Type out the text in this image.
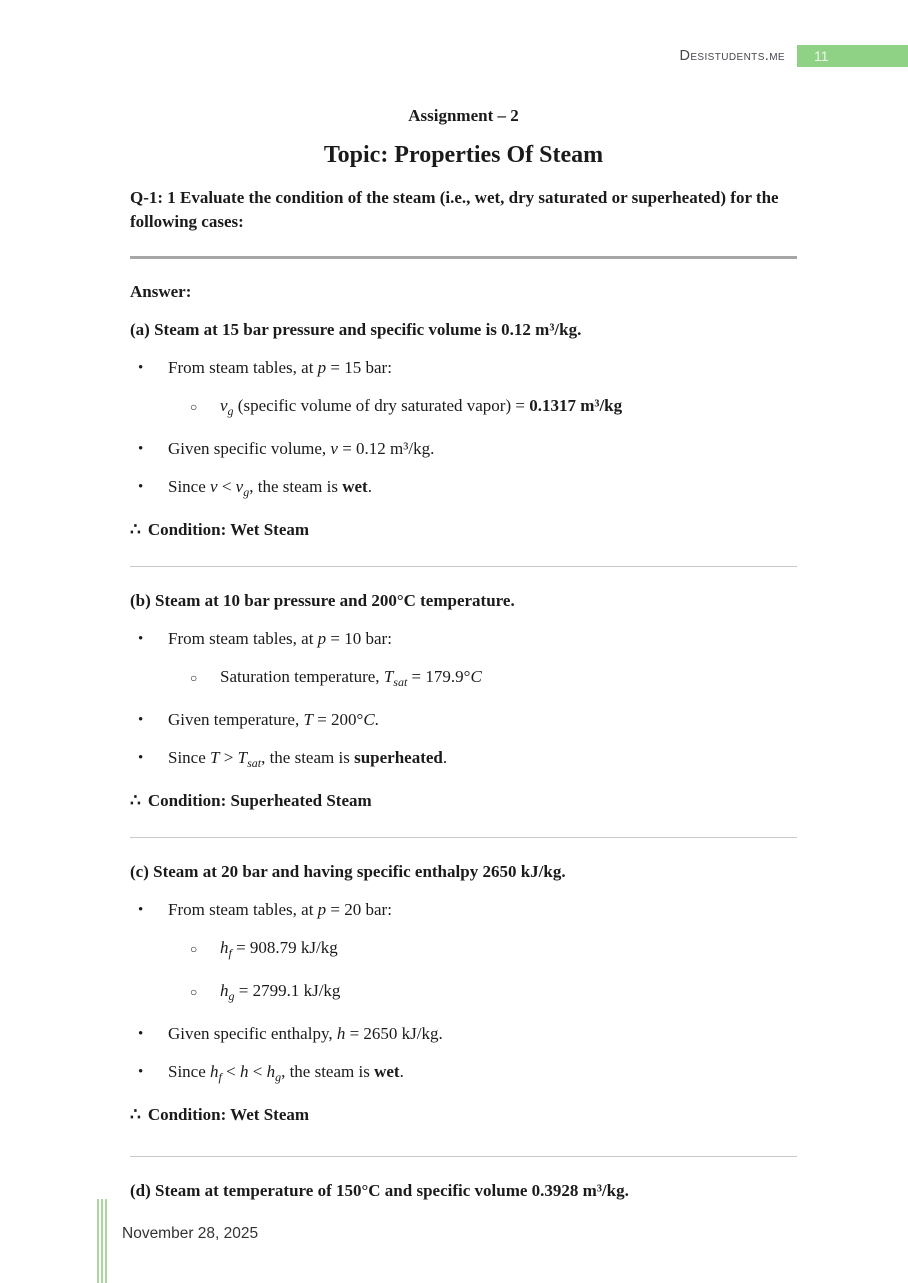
Desistudents.me	11
Assignment – 2
Topic: Properties Of Steam
Q-1: 1 Evaluate the condition of the steam (i.e., wet, dry saturated or superheated) for the following cases:
Answer:
(a) Steam at 15 bar pressure and specific volume is 0.12 m³/kg.
• From steam tables, at p = 15 bar:
○ $v_g$ (specific volume of dry saturated vapor) = 0.1317 m³/kg
• Given specific volume, v = 0.12 m³/kg.
• Since $v < v_g$, the steam is wet.
∴ Condition: Wet Steam
(b) Steam at 10 bar pressure and 200°C temperature.
• From steam tables, at p = 10 bar:
○ Saturation temperature, $T_{sat} = 179.9^\circ C$
• Given temperature, T = 200°C.
• Since $T > T_{sat}$, the steam is superheated.
∴ Condition: Superheated Steam
(c) Steam at 20 bar and having specific enthalpy 2650 kJ/kg.
• From steam tables, at p = 20 bar:
○ $h_f = 908.79$ kJ/kg
○ $h_g = 2799.1$ kJ/kg
• Given specific enthalpy, h = 2650 kJ/kg.
• Since $h_f < h < h_g$, the steam is wet.
∴ Condition: Wet Steam
(d) Steam at temperature of 150°C and specific volume 0.3928 m³/kg.
November 28, 2025
